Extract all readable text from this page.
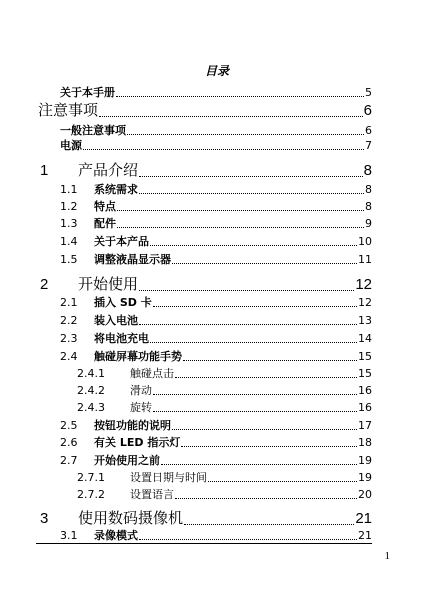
目录
关于本手册	5
注意事项	6
一般注意事项	6
电源	7
1	产品介绍	8
1.1	系统需求	8
1.2	特点	8
1.3	配件	9
1.4	关于本产品	10
1.5	调整液晶显示器	11
2	开始使用	12
2.1	插入 SD 卡	12
2.2	装入电池	13
2.3	将电池充电	14
2.4	触碰屏幕功能手势	15
2.4.1	触碰点击	15
2.4.2	滑动	16
2.4.3	旋转	16
2.5	按钮功能的说明	17
2.6	有关 LED 指示灯	18
2.7	开始使用之前	19
2.7.1	设置日期与时间	19
2.7.2	设置语言	20
3	使用数码摄像机	21
3.1	录像模式	21
1
